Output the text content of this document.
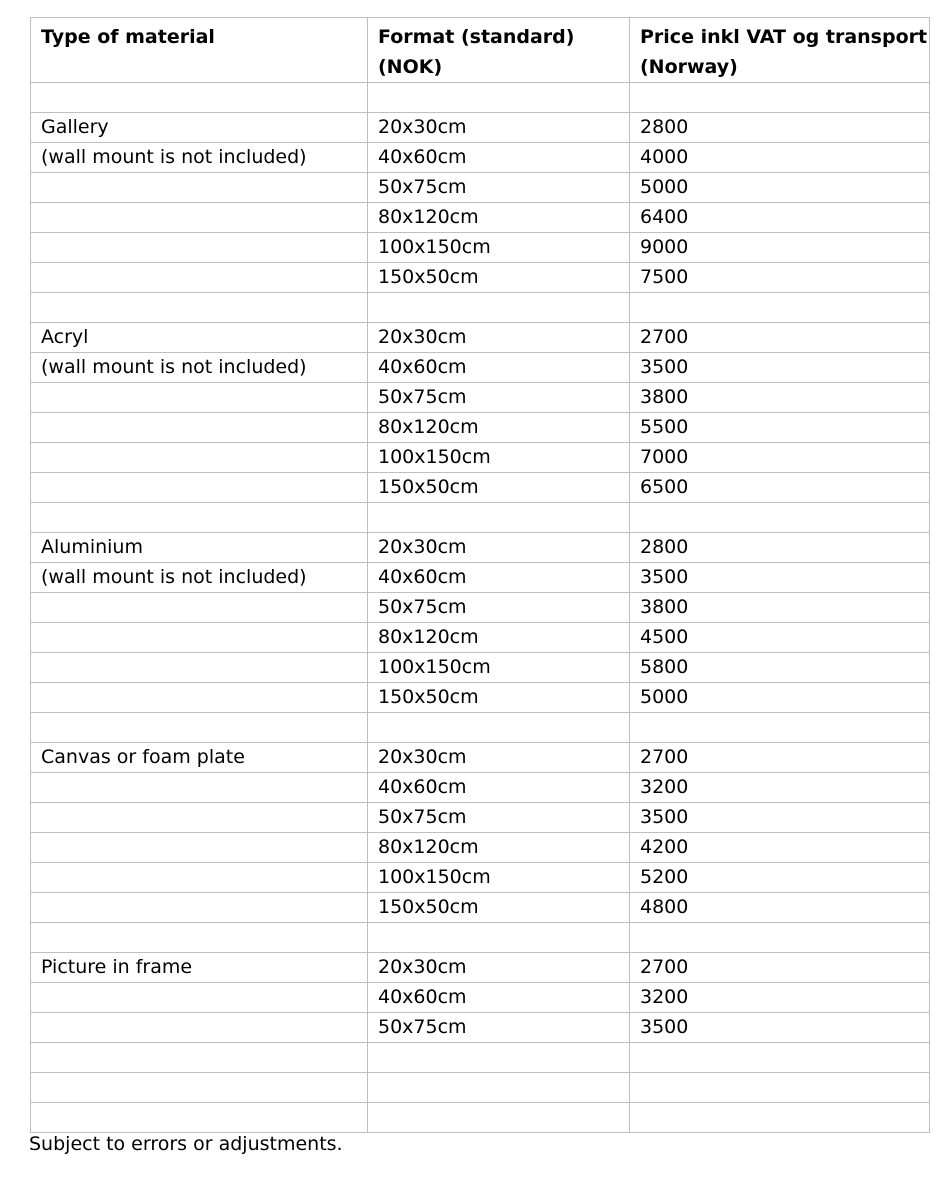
Type of material	Format (standard) (NOK)	Price inkl VAT og transport (Norway)

Gallery	20x30cm	2800
(wall mount is not included)	40x60cm	4000
	50x75cm	5000
	80x120cm	6400
	100x150cm	9000
	150x50cm	7500

Acryl	20x30cm	2700
(wall mount is not included)	40x60cm	3500
	50x75cm	3800
	80x120cm	5500
	100x150cm	7000
	150x50cm	6500

Aluminium	20x30cm	2800
(wall mount is not included)	40x60cm	3500
	50x75cm	3800
	80x120cm	4500
	100x150cm	5800
	150x50cm	5000

Canvas or foam plate	20x30cm	2700
	40x60cm	3200
	50x75cm	3500
	80x120cm	4200
	100x150cm	5200
	150x50cm	4800

Picture in frame	20x30cm	2700
	40x60cm	3200
	50x75cm	3500

Subject to errors or adjustments.
